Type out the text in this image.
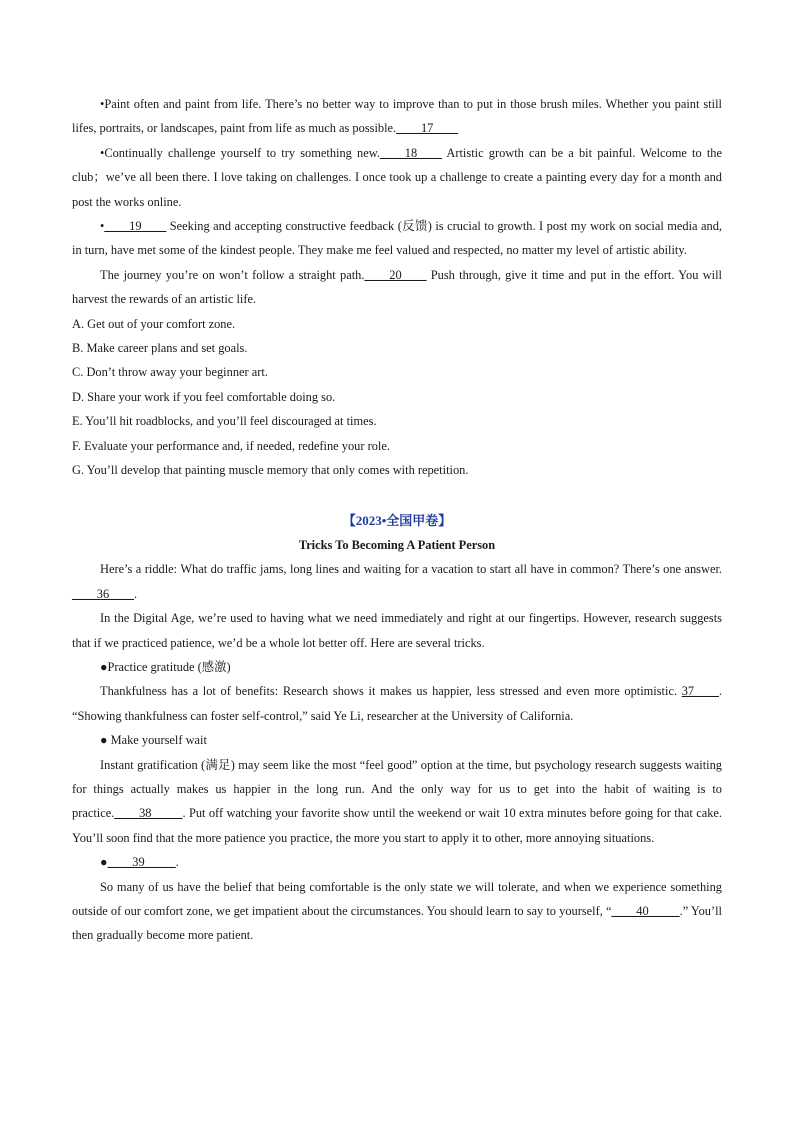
•Paint often and paint from life. There’s no better way to improve than to put in those brush miles. Whether you paint still lifes, portraits, or landscapes, paint from life as much as possible.____17____

•Continually challenge yourself to try something new.____18____ Artistic growth can be a bit painful. Welcome to the club；we’ve all been there. I love taking on challenges. I once took up a challenge to create a painting every day for a month and post the works online.

•____19____ Seeking and accepting constructive feedback (反馈) is crucial to growth. I post my work on social media and, in turn, have met some of the kindest people. They make me feel valued and respected, no matter my level of artistic ability.

The journey you’re on won’t follow a straight path.____20____ Push through, give it time and put in the effort. You will harvest the rewards of an artistic life.

A. Get out of your comfort zone.

B. Make career plans and set goals.

C. Don’t throw away your beginner art.

D. Share your work if you feel comfortable doing so.

E. You’ll hit roadblocks, and you’ll feel discouraged at times.

F. Evaluate your performance and, if needed, redefine your role.

G. You’ll develop that painting muscle memory that only comes with repetition.

【2023•全国甲卷】

Tricks To Becoming A Patient Person

Here’s a riddle: What do traffic jams, long lines and waiting for a vacation to start all have in common? There’s one answer. ____36____.

In the Digital Age, we’re used to having what we need immediately and right at our fingertips. However, research suggests that if we practiced patience, we’d be a whole lot better off. Here are several tricks.

●Practice gratitude (感激)

Thankfulness has a lot of benefits: Research shows it makes us happier, less stressed and even more optimistic. 37____. “Showing thankfulness can foster self-control,” said Ye Li, researcher at the University of California.

● Make yourself wait

Instant gratification (满足) may seem like the most “feel good” option at the time, but psychology research suggests waiting for things actually makes us happier in the long run. And the only way for us to get into the habit of waiting is to practice.____38_____. Put off watching your favorite show until the weekend or wait 10 extra minutes before going for that cake. You’ll soon find that the more patience you practice, the more you start to apply it to other, more annoying situations.

●____39_____.

So many of us have the belief that being comfortable is the only state we will tolerate, and when we experience something outside of our comfort zone, we get impatient about the circumstances. You should learn to say to yourself, “____40_____.” You’ll then gradually become more patient.
